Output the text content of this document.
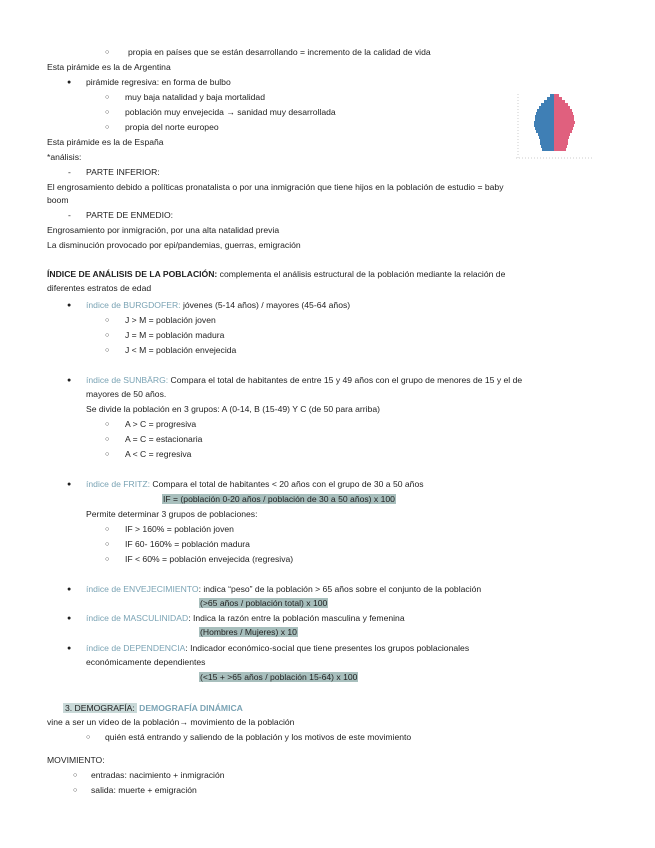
○ propia en países que se están desarrollando = incremento de la calidad de vida
Esta pirámide es la de Argentina
● pirámide regresiva: en forma de bulbo
○ muy baja natalidad y baja mortalidad
○ población muy envejecida → sanidad muy desarrollada
○ propia del norte europeo
Esta pirámide es la de España
*análisis:
- PARTE INFERIOR:
El engrosamiento debido a políticas pronatalista o por una inmigración que tiene hijos en la población de estudio = baby
boom
- PARTE DE ENMEDIO:
Engrosamiento por inmigración, por una alta natalidad previa
La disminución provocado por epi/pandemias, guerras, emigración
ÍNDICE DE ANÁLISIS DE LA POBLACIÓN: complementa el análisis estructural de la población mediante la relación de
diferentes estratos de edad
● índice de BURGDOFER: jóvenes (5-14 años) / mayores (45-64 años)
○ J > M = población joven
○ J = M = población madura
○ J < M = población envejecida
● índice de SUNBÄRG: Compara el total de habitantes de entre 15 y 49 años con el grupo de menores de 15 y el de
mayores de 50 años.
Se divide la población en 3 grupos: A (0-14, B (15-49) Y C (de 50 para arriba)
○ A > C = progresiva
○ A = C = estacionaria
○ A < C = regresiva
● índice de FRITZ: Compara el total de habitantes < 20 años con el grupo de 30 a 50 años
IF = (población 0-20 años / población de 30 a 50 años) x 100
Permite determinar 3 grupos de poblaciones:
○ IF > 160% = población joven
○ IF 60- 160% = población madura
○ IF < 60% = población envejecida (regresiva)
● índice de ENVEJECIMIENTO: indica “peso” de la población > 65 años sobre el conjunto de la población
(>65 años / población total) x 100
● índice de MASCULINIDAD: Indica la razón entre la población masculina y femenina
(Hombres / Mujeres) x 10
● índice de DEPENDENCIA: Indicador económico-social que tiene presentes los grupos poblacionales
económicamente dependientes
(<15 + >65 años / población 15-64) x 100
3. DEMOGRAFÍA: DEMOGRAFÍA DINÁMICA
vine a ser un video de la población→ movimiento de la población
○ quién está entrando y saliendo de la población y los motivos de este movimiento
MOVIMIENTO:
○ entradas: nacimiento + inmigración
○ salida: muerte + emigración
